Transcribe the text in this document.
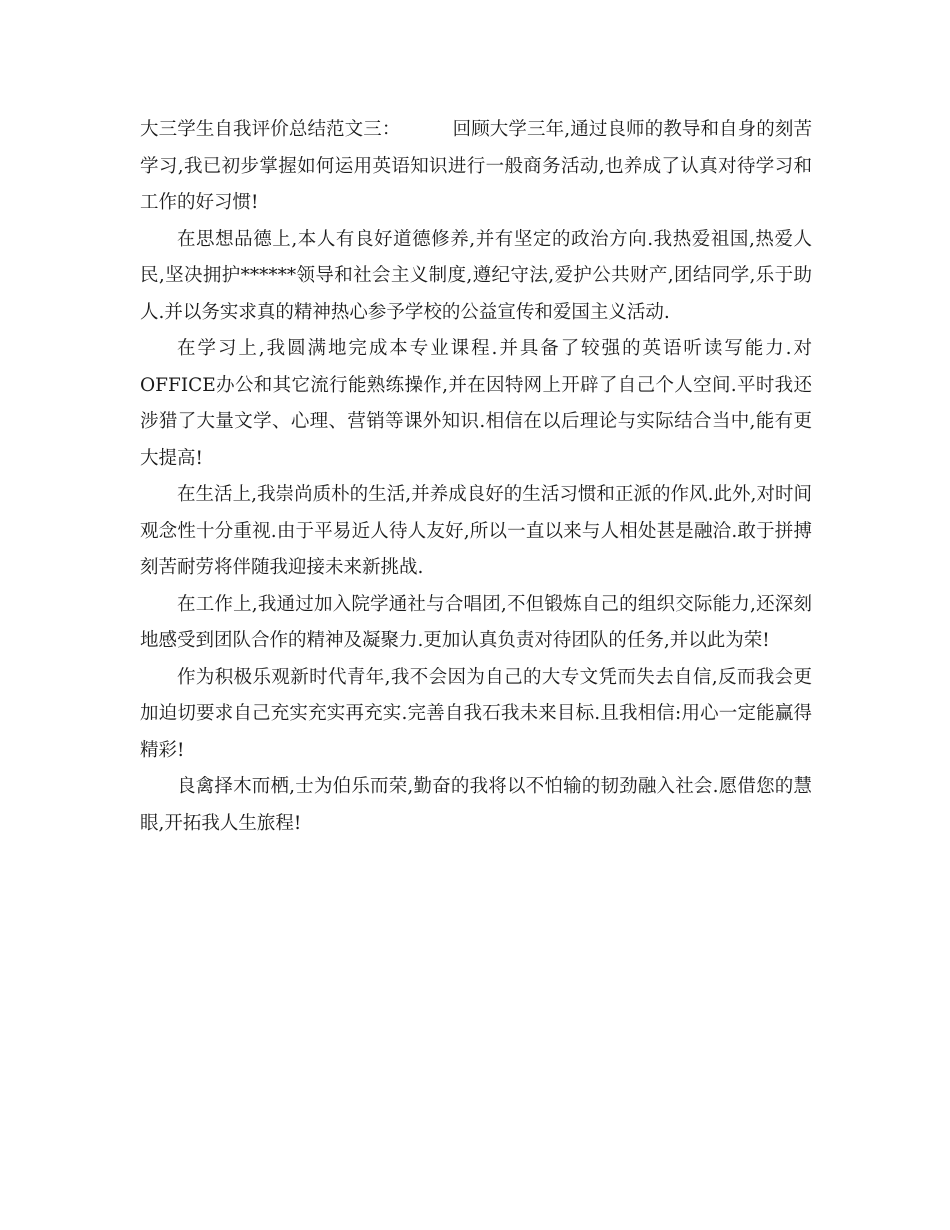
大三学生自我评价总结范文三：	回顾大学三年,通过良师的教导和自身的刻苦学习,我已初步掌握如何运用英语知识进行一般商务活动,也养成了认真对待学习和工作的好习惯!

在思想品德上,本人有良好道德修养,并有坚定的政治方向.我热爱祖国,热爱人民,坚决拥护******领导和社会主义制度,遵纪守法,爱护公共财产,团结同学,乐于助人.并以务实求真的精神热心参予学校的公益宣传和爱国主义活动.

在学习上,我圆满地完成本专业课程.并具备了较强的英语听读写能力.对OFFICE办公和其它流行能熟练操作,并在因特网上开辟了自己个人空间.平时我还涉猎了大量文学、心理、营销等课外知识.相信在以后理论与实际结合当中,能有更大提高!

在生活上,我崇尚质朴的生活,并养成良好的生活习惯和正派的作风.此外,对时间观念性十分重视.由于平易近人待人友好,所以一直以来与人相处甚是融洽.敢于拼搏刻苦耐劳将伴随我迎接未来新挑战.

在工作上,我通过加入院学通社与合唱团,不但锻炼自己的组织交际能力,还深刻地感受到团队合作的精神及凝聚力.更加认真负责对待团队的任务,并以此为荣!

作为积极乐观新时代青年,我不会因为自己的大专文凭而失去自信,反而我会更加迫切要求自己充实充实再充实.完善自我石我未来目标.且我相信:用心一定能赢得精彩!

良禽择木而栖,士为伯乐而荣,勤奋的我将以不怕输的韧劲融入社会.愿借您的慧眼,开拓我人生旅程!
